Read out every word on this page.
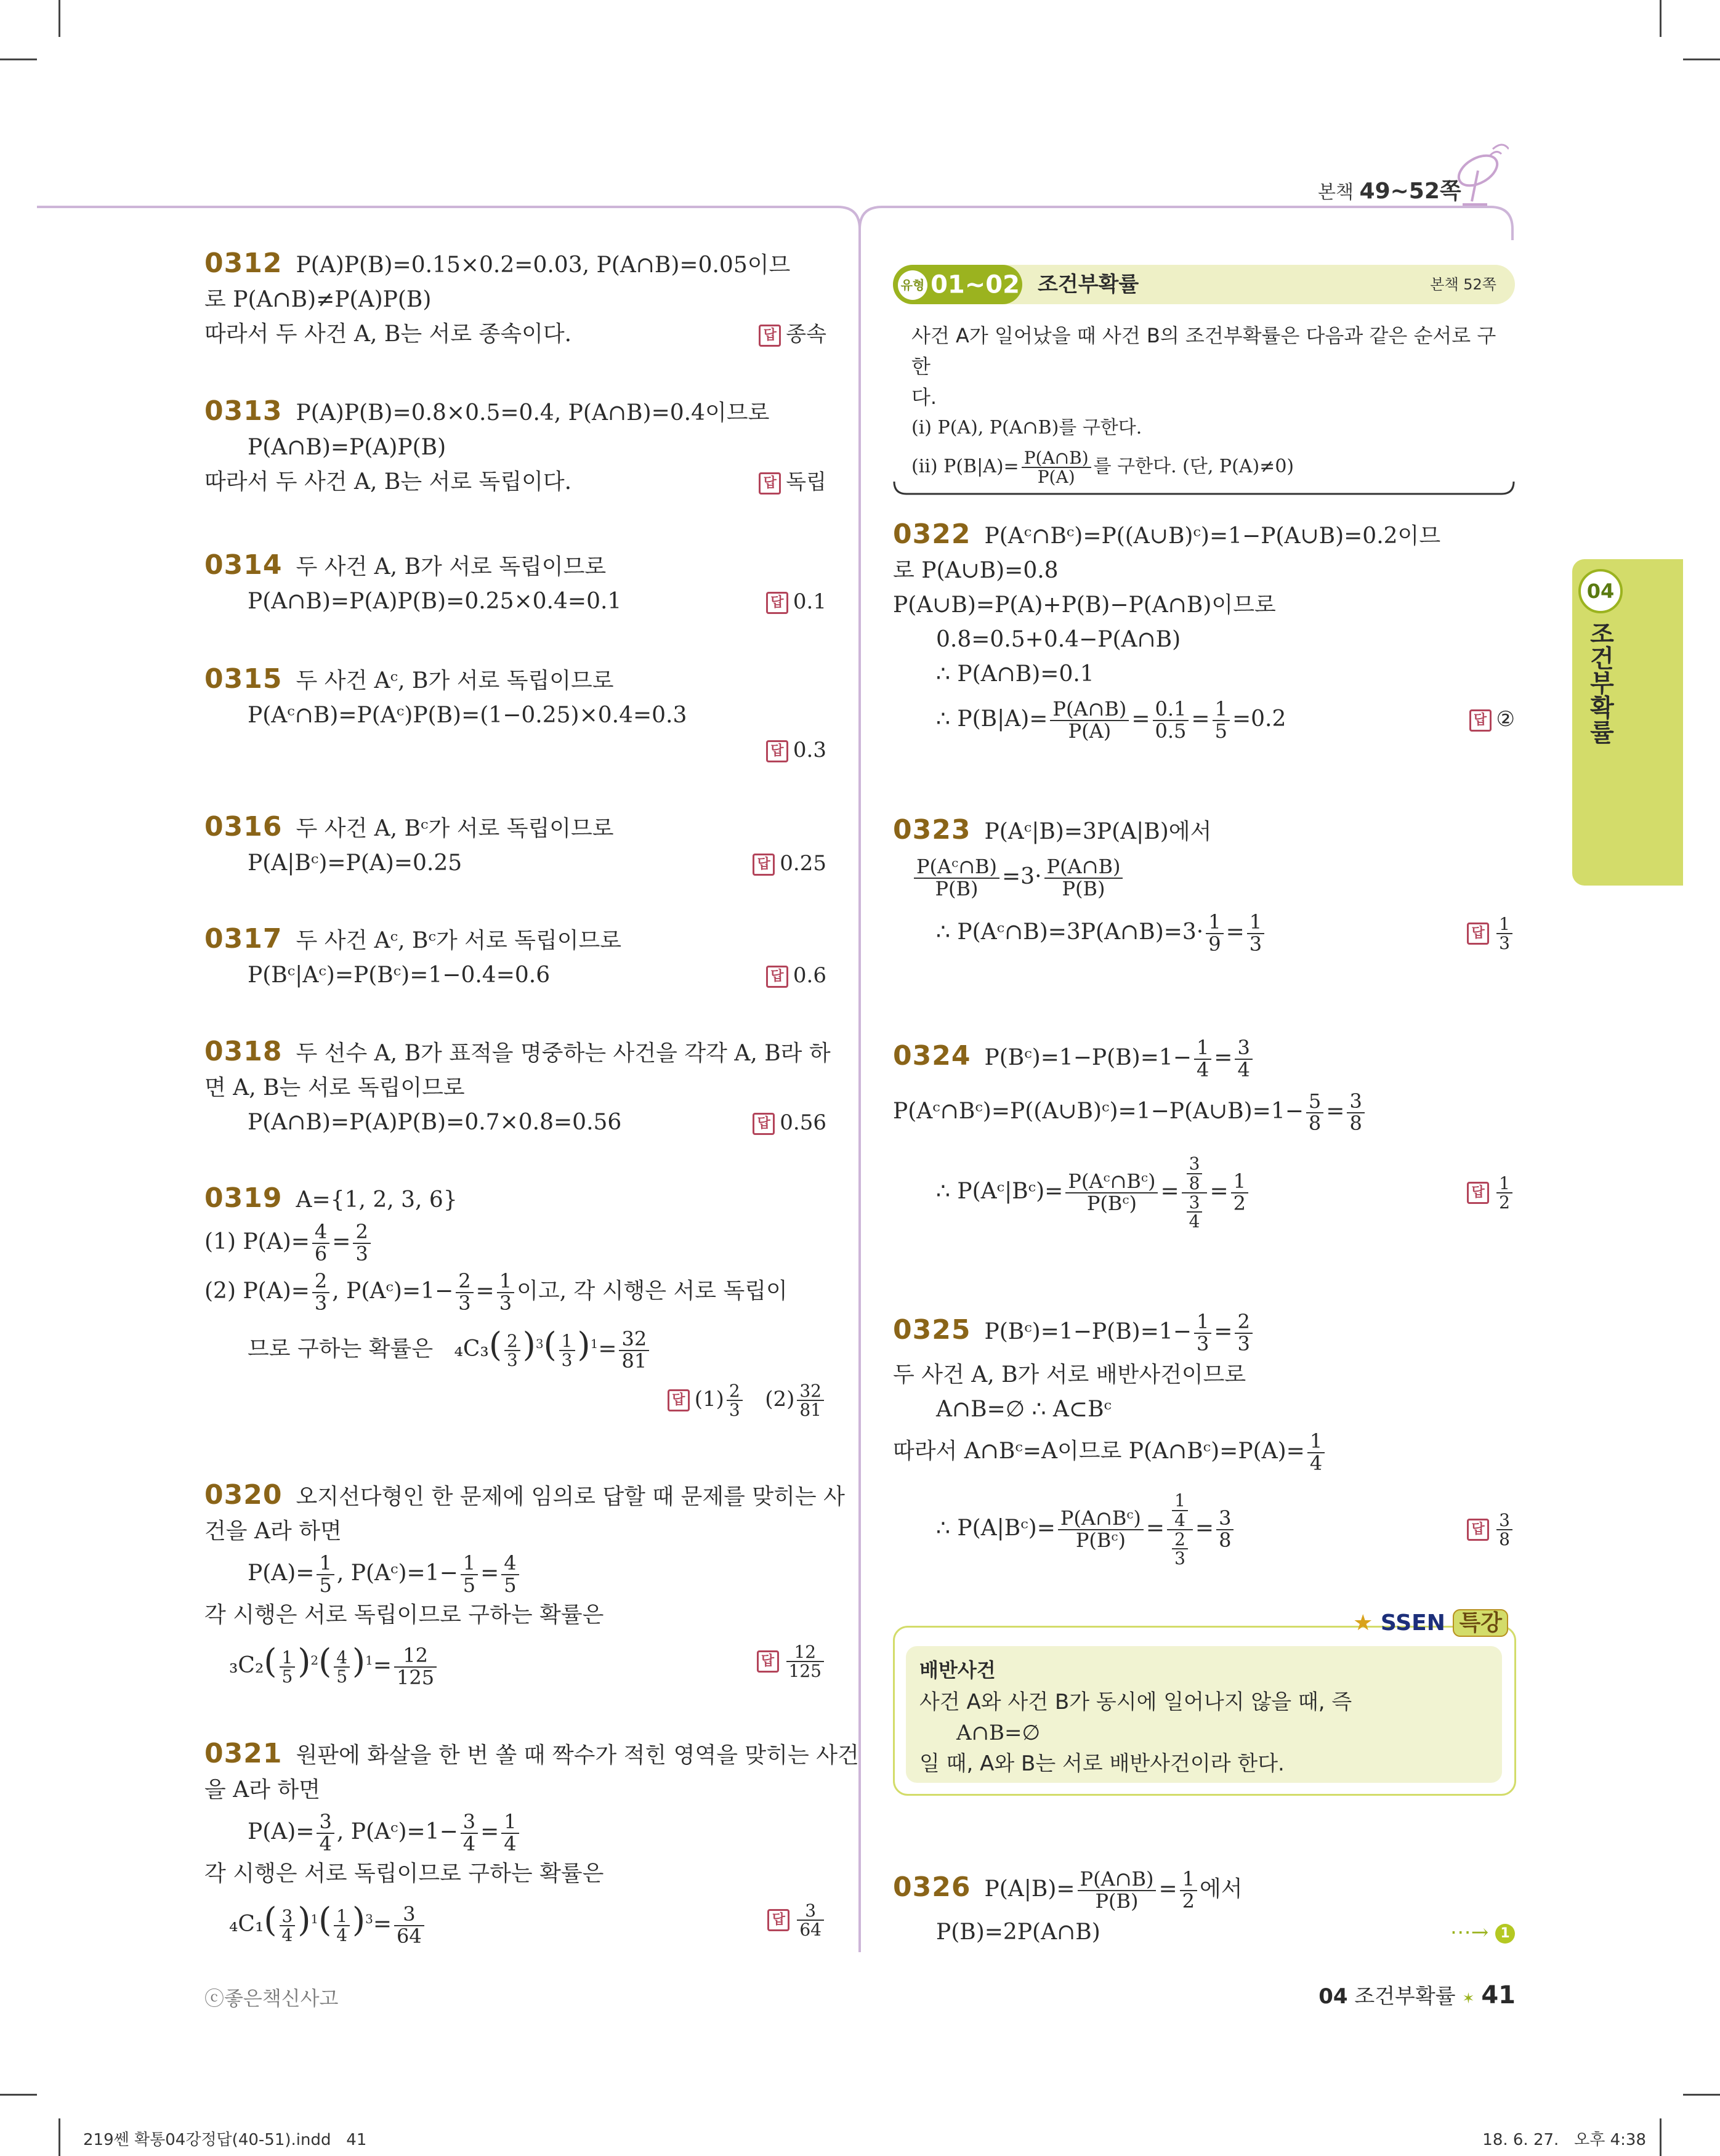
본책 49~52쪽
04
조건부확률
0312 P(A)P(B)=0.15×0.2=0.03, P(A∩B)=0.05이므
로 P(A∩B)≠P(A)P(B)
따라서 두 사건 A, B는 서로 종속이다.	답 종속
0313 P(A)P(B)=0.8×0.5=0.4, P(A∩B)=0.4이므로
P(A∩B)=P(A)P(B)
따라서 두 사건 A, B는 서로 독립이다.	답 독립
0314 두 사건 A, B가 서로 독립이므로
P(A∩B)=P(A)P(B)=0.25×0.4=0.1	답 0.1
0315 두 사건 Aᶜ, B가 서로 독립이므로
P(Aᶜ∩B)=P(Aᶜ)P(B)=(1−0.25)×0.4=0.3
답 0.3
0316 두 사건 A, Bᶜ가 서로 독립이므로
P(A|Bᶜ)=P(A)=0.25	답 0.25
0317 두 사건 Aᶜ, Bᶜ가 서로 독립이므로
P(Bᶜ|Aᶜ)=P(Bᶜ)=1−0.4=0.6	답 0.6
0318 두 선수 A, B가 표적을 명중하는 사건을 각각 A, B라 하
면 A, B는 서로 독립이므로
P(A∩B)=P(A)P(B)=0.7×0.8=0.56	답 0.56
0319 A={1, 2, 3, 6}
(1) $P(A)= \frac{4}{6} = \frac{2}{3}$
(2) $P(A)= \frac{2}{3}$ , P(Aᶜ)=1− $\frac{2}{3} = \frac{1}{3}$ 이고, 각 시행은 서로 독립이
므로 구하는 확률은 $_4C_3( \frac{2}{3} )^3( \frac{1}{3} )^1= \frac{32}{81}$
답 $(1) \frac{2}{3} (2) \frac{32}{81}$
0320 오지선다형인 한 문제에 임의로 답할 때 문제를 맞히는 사
건을 A라 하면
$P(A)= \frac{1}{5}$ , P(Aᶜ)=1− $\frac{1}{5} = \frac{4}{5}$
각 시행은 서로 독립이므로 구하는 확률은
$_3C_2( \frac{1}{5} )^2( \frac{4}{5} )^1= \frac{12}{125}$	답 $\frac{12}{125}$
0321 원판에 화살을 한 번 쏠 때 짝수가 적힌 영역을 맞히는 사건
을 A라 하면
$P(A)= \frac{3}{4}$ , P(Aᶜ)=1− $\frac{3}{4} = \frac{1}{4}$
각 시행은 서로 독립이므로 구하는 확률은
$_4C_1( \frac{3}{4} )^1( \frac{1}{4} )^3= \frac{3}{64}$	답 $\frac{3}{64}$
유형 01~02 조건부확률	본책 52쪽
사건 A가 일어났을 때 사건 B의 조건부확률은 다음과 같은 순서로 구한
다.
(ⅰ) P(A), P(A∩B)를 구한다.
(ⅱ) $P(B|A)= \frac{P(A\cap B)}{P(A)}$ 를 구한다. (단, P(A)≠0)
0322 P(Aᶜ∩Bᶜ)=P((A∪B)ᶜ)=1−P(A∪B)=0.2이므
로 P(A∪B)=0.8
P(A∪B)=P(A)+P(B)−P(A∩B)이므로
0.8=0.5+0.4−P(A∩B)
∴ P(A∩B)=0.1
∴ $P(B|A)= \frac{P(A\cap B)}{P(A)} = \frac{0.1}{0.5} = \frac{1}{5} =0.2$	답 ②
0323 P(Aᶜ|B)=3P(A|B)에서
$\frac{\text{P(Aᶜ∩B)}}{P(B)} =3\cdot \frac{P(A\cap B)}{P(B)}$
∴ P(Aᶜ∩B)=3P(A∩B)=3· $\frac{1}{9} = \frac{1}{3}$	답 $\frac{1}{3}$
0324 P(Bᶜ)=1−P(B)=1− $\frac{1}{4} = \frac{3}{4}$
P(Aᶜ∩Bᶜ)=P((A∪B)ᶜ)=1−P(A∪B)=1− $\frac{5}{8} = \frac{3}{8}$
∴ P(Aᶜ|Bᶜ)= $\frac{\text{P(Aᶜ∩Bᶜ)}}{\text{P(Bᶜ)}} = \frac{\frac{3}{8}}{\frac{3}{4}} = \frac{1}{2}$	답 $\frac{1}{2}$
0325 P(Bᶜ)=1−P(B)=1− $\frac{1}{3} = \frac{2}{3}$
두 사건 A, B가 서로 배반사건이므로
A∩B=∅ ∴ A⊂Bᶜ
따라서 A∩Bᶜ=A이므로 P(A∩Bᶜ)=P(A)= $\frac{1}{4}$
∴ P(A|Bᶜ)= $\frac{\text{P(A∩Bᶜ)}}{\text{P(Bᶜ)}} = \frac{\frac{1}{4}}{\frac{2}{3}} = \frac{3}{8}$	답 $\frac{3}{8}$
배반사건
사건 A와 사건 B가 동시에 일어나지 않을 때, 즉
A∩B=∅
일 때, A와 B는 서로 배반사건이라 한다.
★ SSEN 특강
0326 $P(A|B)= \frac{P(A\cap B)}{P(B)} = \frac{1}{2}$ 에서
P(B)=2P(A∩B)	⋯→ 1
ⓒ좋은책신사고	04 조건부확률 ✶ 41
219쎈 확통04강정답(40-51).indd   41	18. 6. 27.   오후 4:38
